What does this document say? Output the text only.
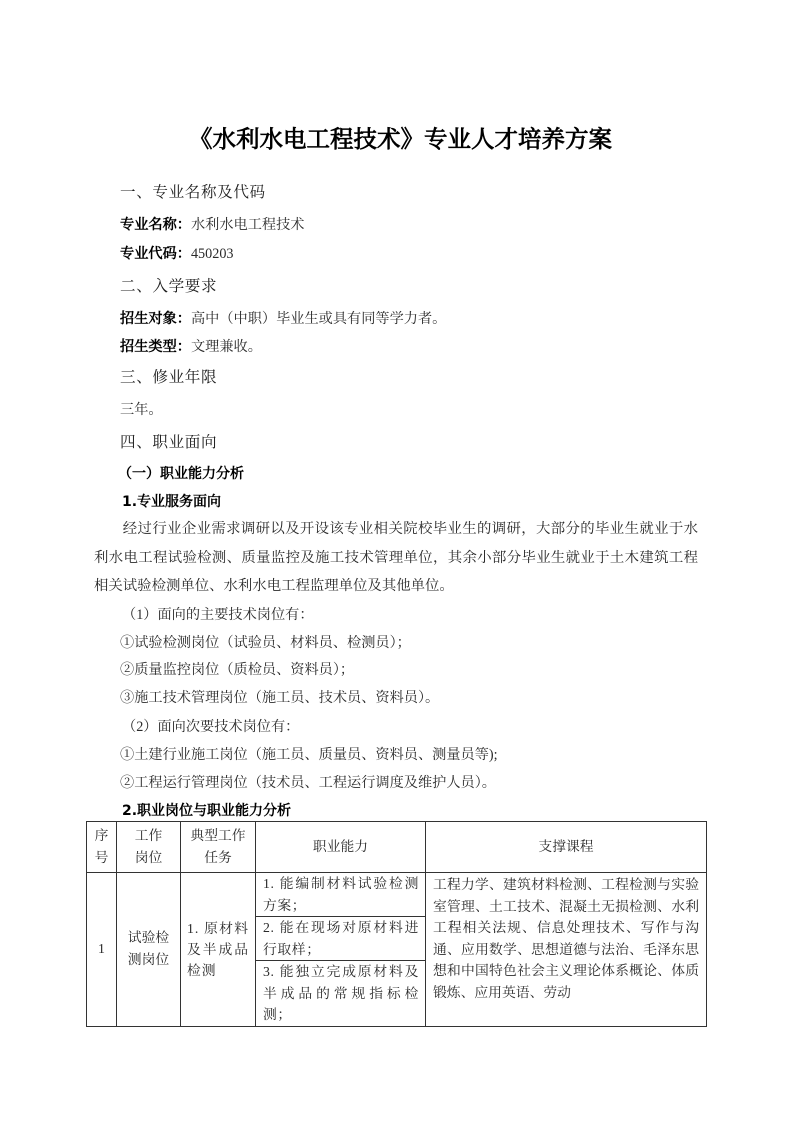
《水利水电工程技术》专业人才培养方案
一、专业名称及代码
专业名称：水利水电工程技术
专业代码：450203
二、入学要求
招生对象：高中（中职）毕业生或具有同等学力者。
招生类型：文理兼收。
三、修业年限
三年。
四、职业面向
（一）职业能力分析
1.专业服务面向
经过行业企业需求调研以及开设该专业相关院校毕业生的调研，大部分的毕业生就业于水利水电工程试验检测、质量监控及施工技术管理单位，其余小部分毕业生就业于土木建筑工程相关试验检测单位、水利水电工程监理单位及其他单位。
（1）面向的主要技术岗位有：
①试验检测岗位（试验员、材料员、检测员）；
②质量监控岗位（质检员、资料员）；
③施工技术管理岗位（施工员、技术员、资料员）。
（2）面向次要技术岗位有：
①土建行业施工岗位（施工员、质量员、资料员、测量员等);
②工程运行管理岗位（技术员、工程运行调度及维护人员）。
2.职业岗位与职业能力分析
序号	工作岗位	典型工作任务	职业能力	支撑课程
1	试验检测岗位	1. 原材料及半成品检测	1. 能编制材料试验检测方案；	工程力学、建筑材料检测、工程检测与实验室管理、土工技术、混凝土无损检测、水利工程相关法规、信息处理技术、写作与沟通、应用数学、思想道德与法治、毛泽东思想和中国特色社会主义理论体系概论、体质锻炼、应用英语、劳动
			2. 能在现场对原材料进行取样；	
			3. 能独立完成原材料及半成品的常规指标检测；	
